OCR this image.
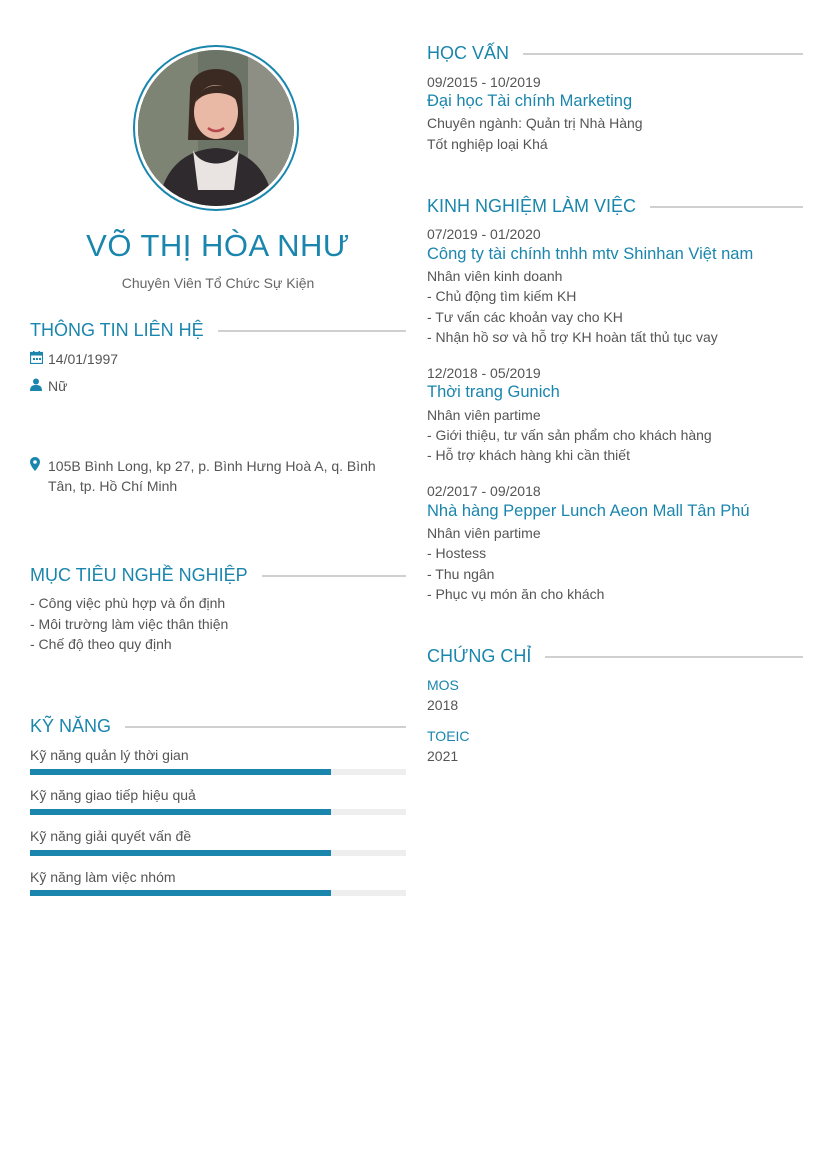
VÕ THỊ HÒA NHƯ
Chuyên Viên Tổ Chức Sự Kiện
THÔNG TIN LIÊN HỆ
14/01/1997
Nữ
105B Bình Long, kp 27, p. Bình Hưng Hoà A, q. Bình
Tân, tp. Hồ Chí Minh
MỤC TIÊU NGHỀ NGHIỆP
- Công việc phù hợp và ổn định
- Môi trường làm việc thân thiện
- Chế độ theo quy định
KỸ NĂNG
Kỹ năng quản lý thời gian
Kỹ năng giao tiếp hiệu quả
Kỹ năng giải quyết vấn đề
Kỹ năng làm việc nhóm
HỌC VẤN
09/2015 - 10/2019
Đại học Tài chính Marketing
Chuyên ngành: Quản trị Nhà Hàng
Tốt nghiệp loại Khá
KINH NGHIỆM LÀM VIỆC
07/2019 - 01/2020
Công ty tài chính tnhh mtv Shinhan Việt nam
Nhân viên kinh doanh
- Chủ động tìm kiếm KH
- Tư vấn các khoản vay cho KH
- Nhận hồ sơ và hỗ trợ KH hoàn tất thủ tục vay
12/2018 - 05/2019
Thời trang Gunich
Nhân viên partime
- Giới thiệu, tư vấn sản phẩm cho khách hàng
- Hỗ trợ khách hàng khi cần thiết
02/2017 - 09/2018
Nhà hàng Pepper Lunch Aeon Mall Tân Phú
Nhân viên partime
- Hostess
- Thu ngân
- Phục vụ món ăn cho khách
CHỨNG CHỈ
MOS
2018
TOEIC
2021
